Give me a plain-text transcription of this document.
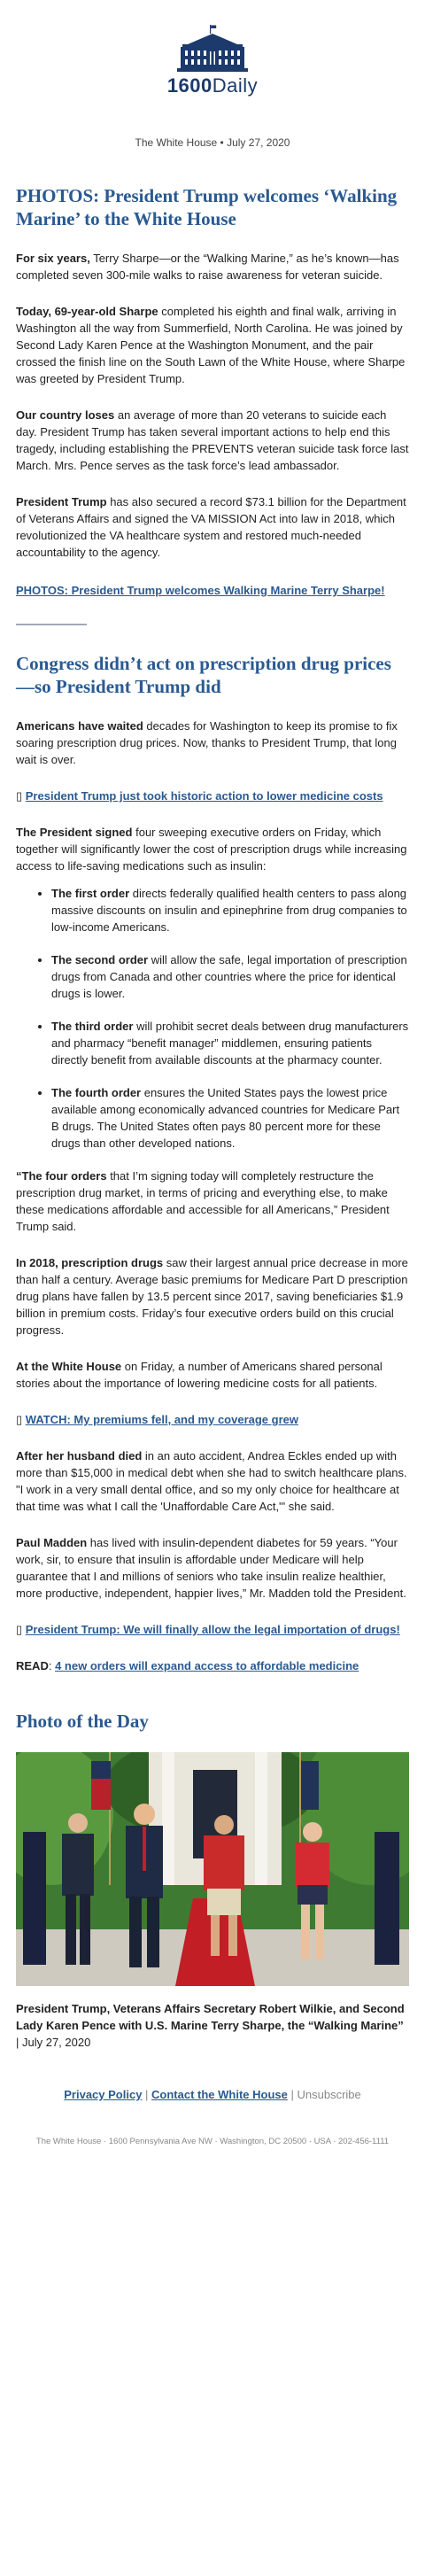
1600Daily
The White House • July 27, 2020
PHOTOS: President Trump welcomes ‘Walking Marine’ to the White House

For six years, Terry Sharpe—or the “Walking Marine,” as he’s known—has completed seven 300-mile walks to raise awareness for veteran suicide.

Today, 69-year-old Sharpe completed his eighth and final walk, arriving in Washington all the way from Summerfield, North Carolina. He was joined by Second Lady Karen Pence at the Washington Monument, and the pair crossed the finish line on the South Lawn of the White House, where Sharpe was greeted by President Trump.

Our country loses an average of more than 20 veterans to suicide each day. President Trump has taken several important actions to help end this tragedy, including establishing the PREVENTS veteran suicide task force last March. Mrs. Pence serves as the task force’s lead ambassador.

President Trump has also secured a record $73.1 billion for the Department of Veterans Affairs and signed the VA MISSION Act into law in 2018, which revolutionized the VA healthcare system and restored much-needed accountability to the agency.

PHOTOS: President Trump welcomes Walking Marine Terry Sharpe!

Congress didn’t act on prescription drug prices—so President Trump did

Americans have waited decades for Washington to keep its promise to fix soaring prescription drug prices. Now, thanks to President Trump, that long wait is over.

▯ President Trump just took historic action to lower medicine costs

The President signed four sweeping executive orders on Friday, which together will significantly lower the cost of prescription drugs while increasing access to life-saving medications such as insulin:

• The first order directs federally qualified health centers to pass along massive discounts on insulin and epinephrine from drug companies to low-income Americans.
• The second order will allow the safe, legal importation of prescription drugs from Canada and other countries where the price for identical drugs is lower.
• The third order will prohibit secret deals between drug manufacturers and pharmacy “benefit manager” middlemen, ensuring patients directly benefit from available discounts at the pharmacy counter.
• The fourth order ensures the United States pays the lowest price available among economically advanced countries for Medicare Part B drugs. The United States often pays 80 percent more for these drugs than other developed nations.

“The four orders that I’m signing today will completely restructure the prescription drug market, in terms of pricing and everything else, to make these medications affordable and accessible for all Americans,” President Trump said.

In 2018, prescription drugs saw their largest annual price decrease in more than half a century. Average basic premiums for Medicare Part D prescription drug plans have fallen by 13.5 percent since 2017, saving beneficiaries $1.9 billion in premium costs. Friday’s four executive orders build on this crucial progress.

At the White House on Friday, a number of Americans shared personal stories about the importance of lowering medicine costs for all patients.

▯ WATCH: My premiums fell, and my coverage grew

After her husband died in an auto accident, Andrea Eckles ended up with more than $15,000 in medical debt when she had to switch healthcare plans. "I work in a very small dental office, and so my only choice for healthcare at that time was what I call the 'Unaffordable Care Act,'" she said.

Paul Madden has lived with insulin-dependent diabetes for 59 years. “Your work, sir, to ensure that insulin is affordable under Medicare will help guarantee that I and millions of seniors who take insulin realize healthier, more productive, independent, happier lives,” Mr. Madden told the President.

▯ President Trump: We will finally allow the legal importation of drugs!

READ: 4 new orders will expand access to affordable medicine

Photo of the Day

President Trump, Veterans Affairs Secretary Robert Wilkie, and Second Lady Karen Pence with U.S. Marine Terry Sharpe, the “Walking Marine” | July 27, 2020

Privacy Policy | Contact the White House | Unsubscribe
The White House · 1600 Pennsylvania Ave NW · Washington, DC 20500 · USA · 202-456-1111
